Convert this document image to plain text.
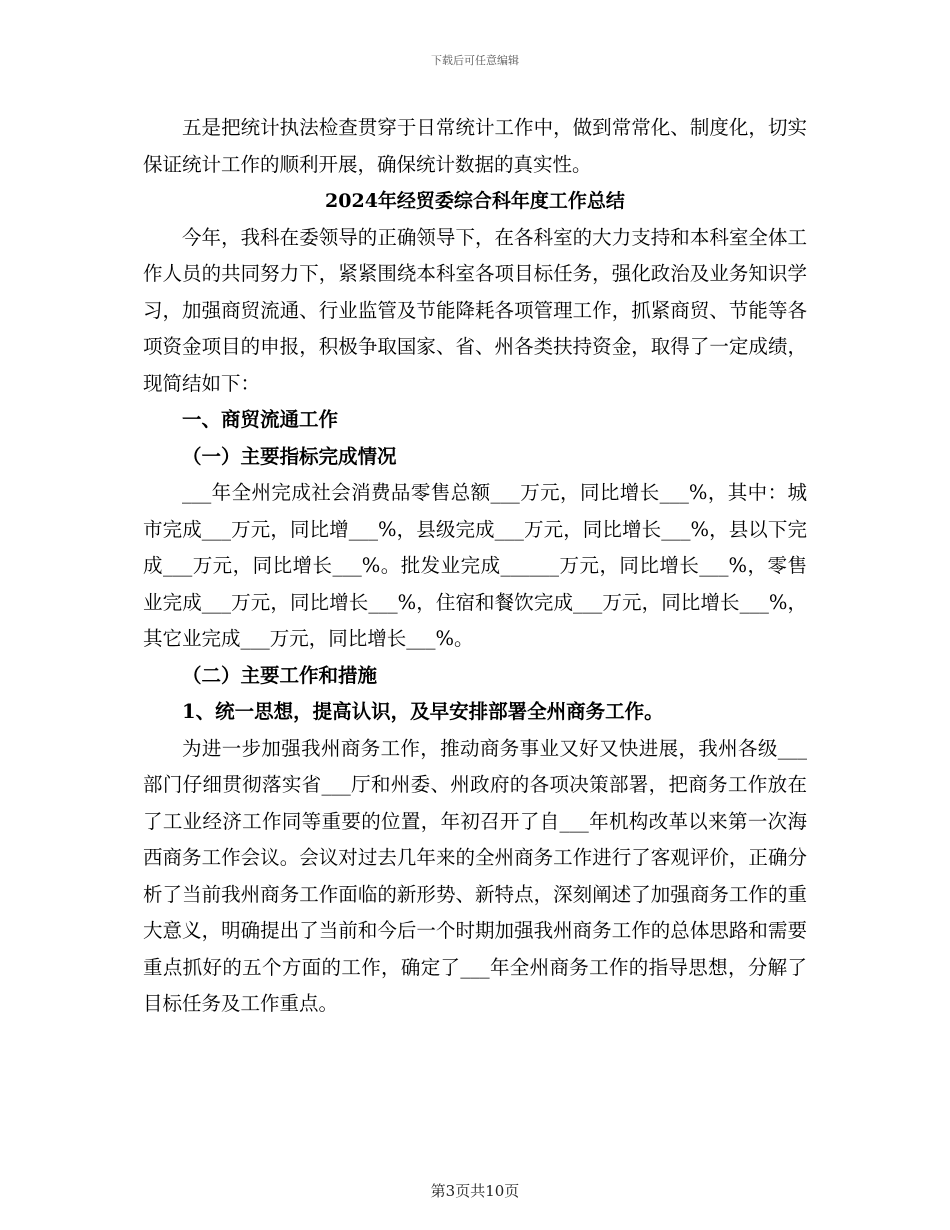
下载后可任意编辑

五是把统计执法检查贯穿于日常统计工作中，做到常常化、制度化，切实保证统计工作的顺利开展，确保统计数据的真实性。

2024年经贸委综合科年度工作总结

今年，我科在委领导的正确领导下，在各科室的大力支持和本科室全体工作人员的共同努力下，紧紧围绕本科室各项目标任务，强化政治及业务知识学习，加强商贸流通、行业监管及节能降耗各项管理工作，抓紧商贸、节能等各项资金项目的申报，积极争取国家、省、州各类扶持资金，取得了一定成绩，现简结如下：

一、商贸流通工作

（一）主要指标完成情况

___年全州完成社会消费品零售总额___万元，同比增长___%，其中：城市完成___万元，同比增___%，县级完成___万元，同比增长___%，县以下完成___万元，同比增长___%。批发业完成______万元，同比增长___%，零售业完成___万元，同比增长___%，住宿和餐饮完成___万元，同比增长___%，其它业完成___万元，同比增长___%。

（二）主要工作和措施

1、统一思想，提高认识，及早安排部署全州商务工作。

为进一步加强我州商务工作，推动商务事业又好又快进展，我州各级___部门仔细贯彻落实省___厅和州委、州政府的各项决策部署，把商务工作放在了工业经济工作同等重要的位置，年初召开了自___年机构改革以来第一次海西商务工作会议。会议对过去几年来的全州商务工作进行了客观评价，正确分析了当前我州商务工作面临的新形势、新特点，深刻阐述了加强商务工作的重大意义，明确提出了当前和今后一个时期加强我州商务工作的总体思路和需要重点抓好的五个方面的工作，确定了___年全州商务工作的指导思想，分解了目标任务及工作重点。

第3页共10页
